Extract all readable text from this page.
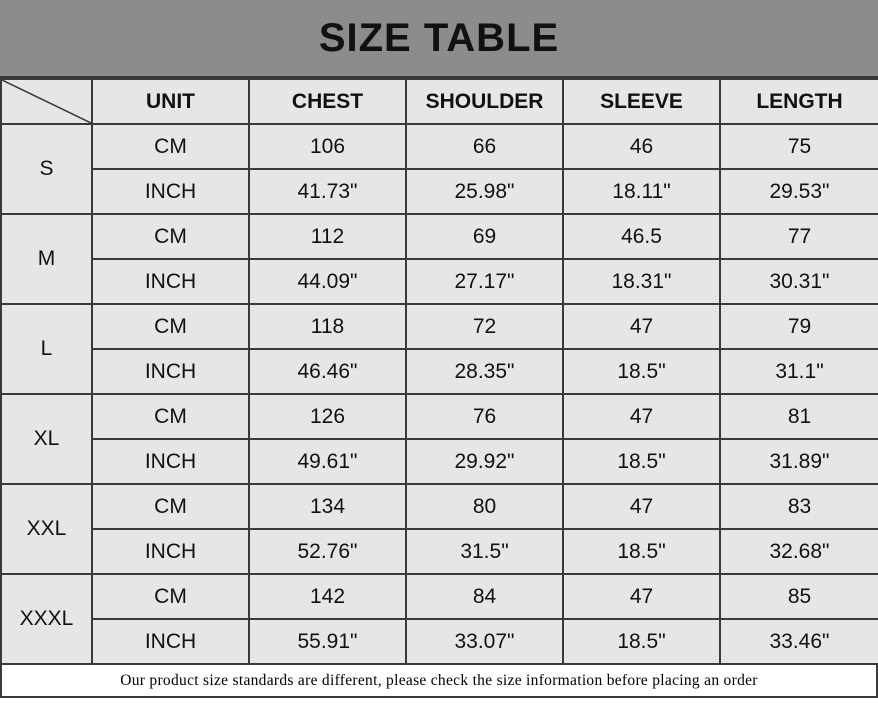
SIZE TABLE
	UNIT	CHEST	SHOULDER	SLEEVE	LENGTH
S	CM	106	66	46	75
	INCH	41.73"	25.98"	18.11"	29.53"
M	CM	112	69	46.5	77
	INCH	44.09"	27.17"	18.31"	30.31"
L	CM	118	72	47	79
	INCH	46.46"	28.35"	18.5"	31.1"
XL	CM	126	76	47	81
	INCH	49.61"	29.92"	18.5"	31.89"
XXL	CM	134	80	47	83
	INCH	52.76"	31.5"	18.5"	32.68"
XXXL	CM	142	84	47	85
	INCH	55.91"	33.07"	18.5"	33.46"
Our product size standards are different, please check the size information before placing an order
